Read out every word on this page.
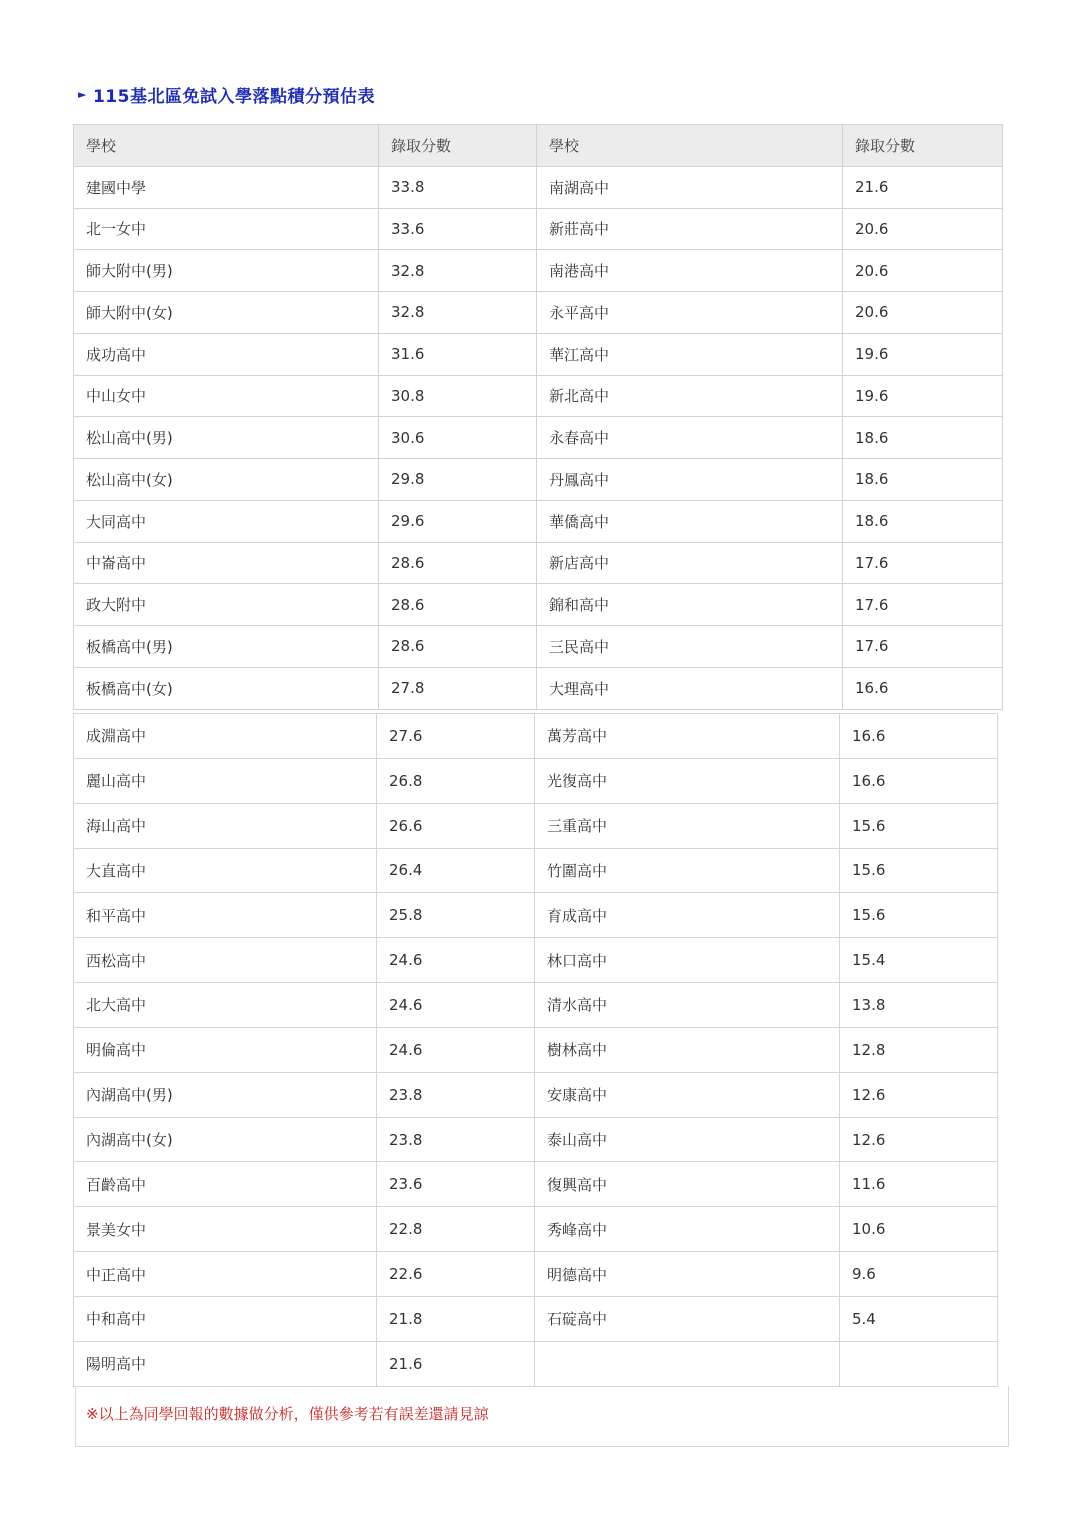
► 115基北區免試入學落點積分預估表
學校	錄取分數	學校	錄取分數
建國中學	33.8	南湖高中	21.6
北一女中	33.6	新莊高中	20.6
師大附中(男)	32.8	南港高中	20.6
師大附中(女)	32.8	永平高中	20.6
成功高中	31.6	華江高中	19.6
中山女中	30.8	新北高中	19.6
松山高中(男)	30.6	永春高中	18.6
松山高中(女)	29.8	丹鳳高中	18.6
大同高中	29.6	華僑高中	18.6
中崙高中	28.6	新店高中	17.6
政大附中	28.6	錦和高中	17.6
板橋高中(男)	28.6	三民高中	17.6
板橋高中(女)	27.8	大理高中	16.6
成淵高中	27.6	萬芳高中	16.6
麗山高中	26.8	光復高中	16.6
海山高中	26.6	三重高中	15.6
大直高中	26.4	竹圍高中	15.6
和平高中	25.8	育成高中	15.6
西松高中	24.6	林口高中	15.4
北大高中	24.6	清水高中	13.8
明倫高中	24.6	樹林高中	12.8
內湖高中(男)	23.8	安康高中	12.6
內湖高中(女)	23.8	泰山高中	12.6
百齡高中	23.6	復興高中	11.6
景美女中	22.8	秀峰高中	10.6
中正高中	22.6	明德高中	9.6
中和高中	21.8	石碇高中	5.4
陽明高中	21.6		
※以上為同學回報的數據做分析，僅供參考若有誤差還請見諒
